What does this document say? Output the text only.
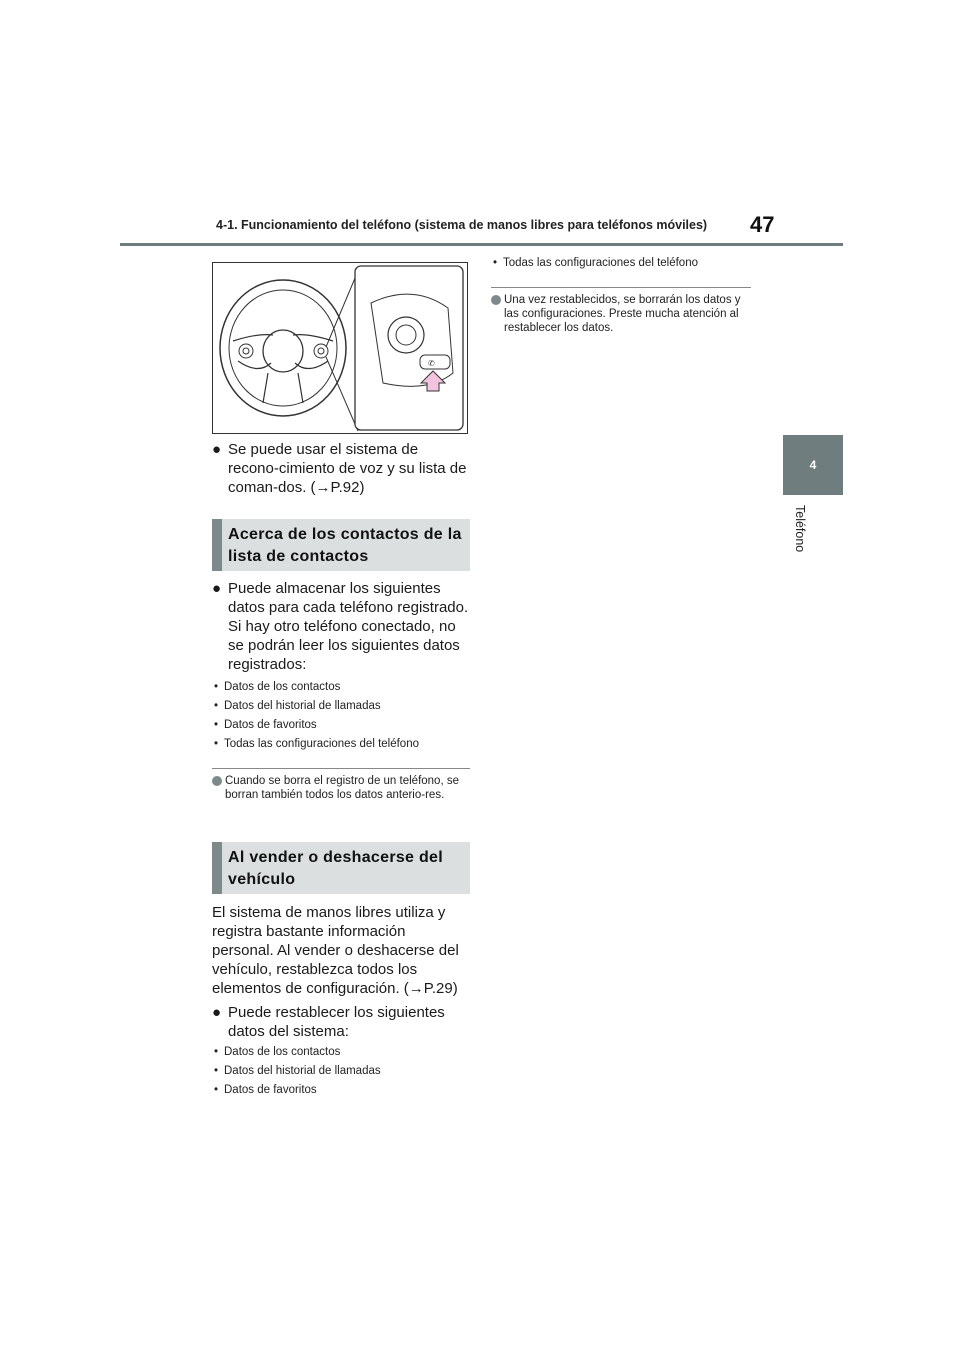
4-1. Funcionamiento del teléfono (sistema de manos libres para teléfonos móviles) 47
4
Teléfono
✆
● Se puede usar el sistema de recono-cimiento de voz y su lista de coman-dos. (→P.92)
Acerca de los contactos de la lista de contactos
● Puede almacenar los siguientes datos para cada teléfono registrado. Si hay otro teléfono conectado, no se podrán leer los siguientes datos registrados:
• Datos de los contactos
• Datos del historial de llamadas
• Datos de favoritos
• Todas las configuraciones del teléfono
Cuando se borra el registro de un teléfono, se borran también todos los datos anterio-res.
Al vender o deshacerse del vehículo
El sistema de manos libres utiliza y registra bastante información personal. Al vender o deshacerse del vehículo, restablezca todos los elementos de configuración. (→P.29)
● Puede restablecer los siguientes datos del sistema:
• Datos de los contactos
• Datos del historial de llamadas
• Datos de favoritos
• Todas las configuraciones del teléfono
Una vez restablecidos, se borrarán los datos y las configuraciones. Preste mucha atención al restablecer los datos.
